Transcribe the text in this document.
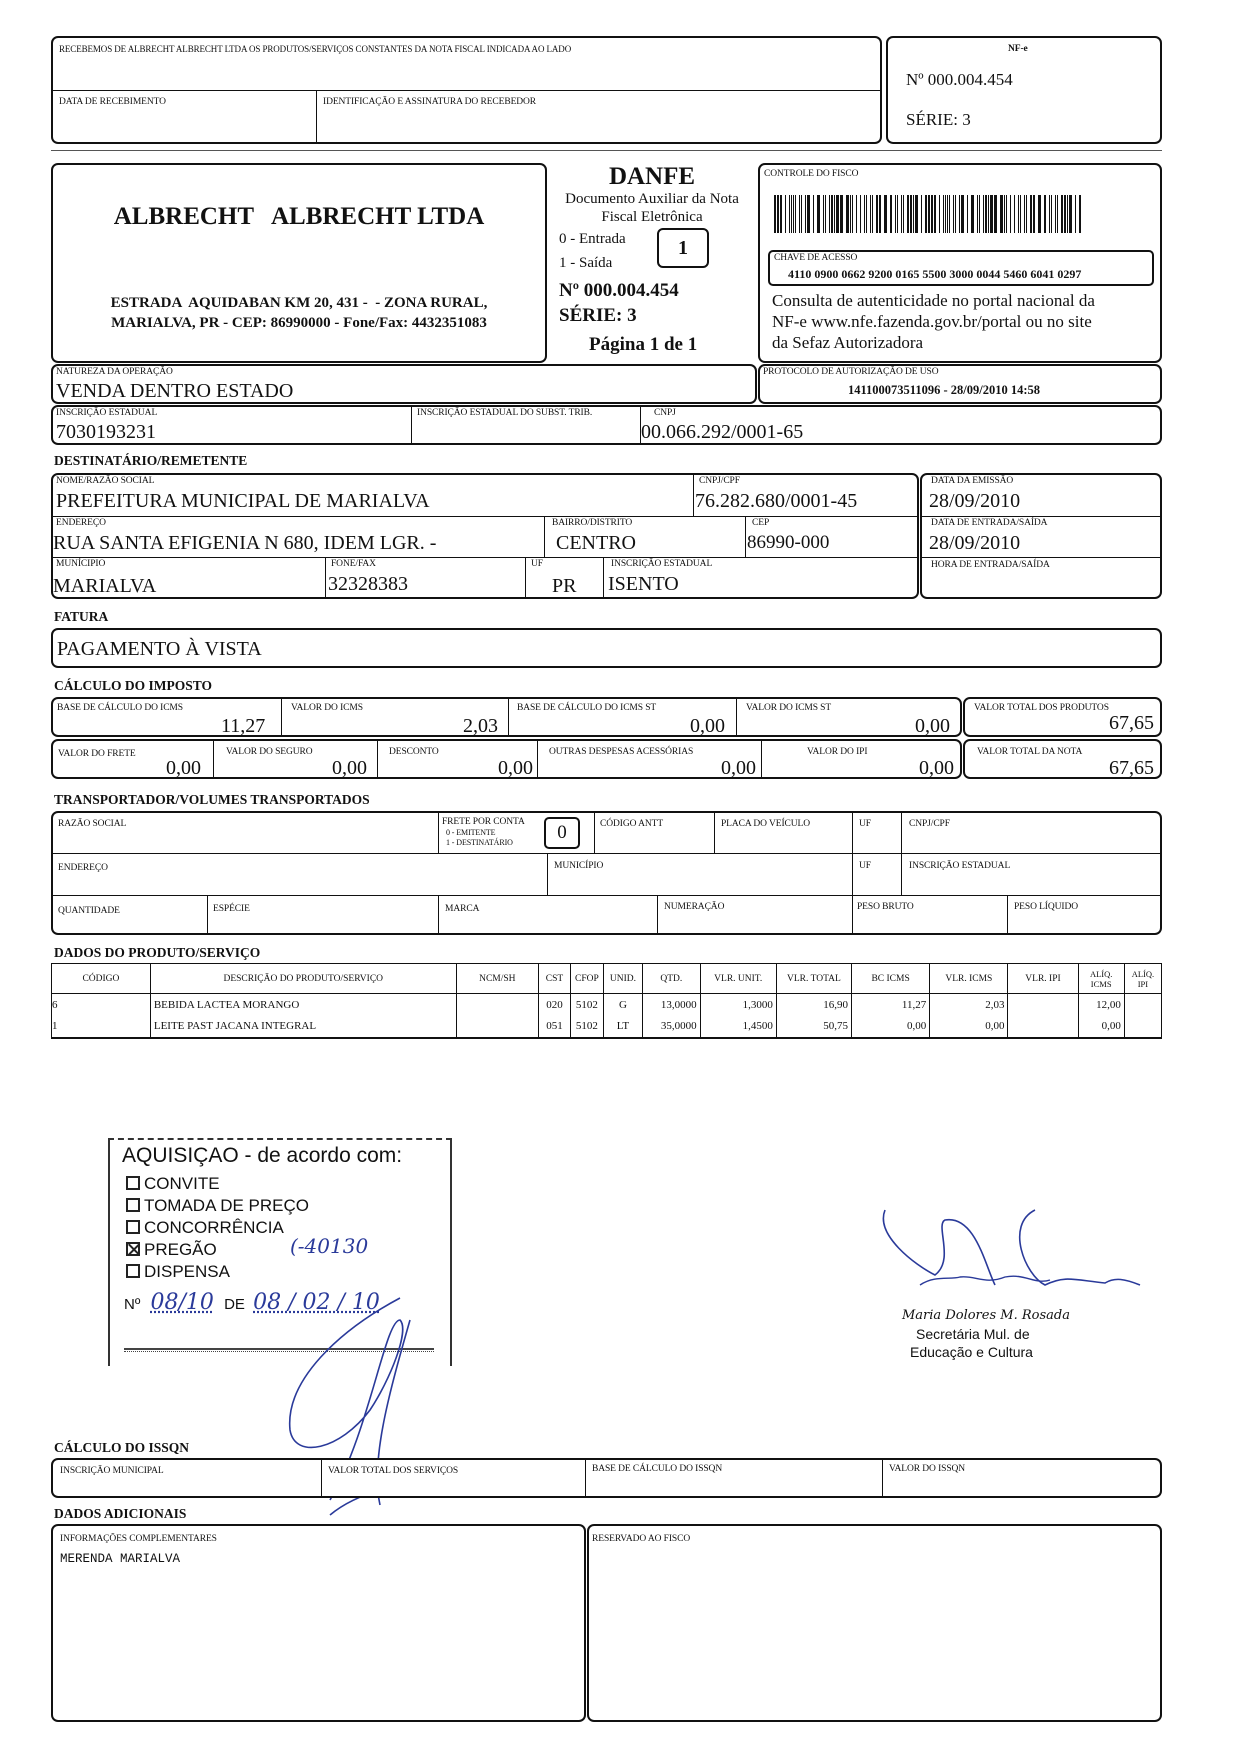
RECEBEMOS DE ALBRECHT ALBRECHT LTDA OS PRODUTOS/SERVIÇOS CONSTANTES DA NOTA FISCAL INDICADA AO LADO
DATA DE RECEBIMENTO	IDENTIFICAÇÃO E ASSINATURA DO RECEBEDOR
NF-e
Nº 000.004.454
SÉRIE: 3
ALBRECHT   ALBRECHT LTDA
ESTRADA  AQUIDABAN KM 20, 431 -  - ZONA RURAL,
MARIALVA, PR - CEP: 86990000 - Fone/Fax: 4432351083
DANFE
Documento Auxiliar da Nota
Fiscal Eletrônica
0 - Entrada
1 - Saída
1
Nº 000.004.454
SÉRIE: 3
Página 1 de 1
CONTROLE DO FISCO
CHAVE DE ACESSO
4110 0900 0662 9200 0165 5500 3000 0044 5460 6041 0297
Consulta de autenticidade no portal nacional da
NF-e www.nfe.fazenda.gov.br/portal ou no site
da Sefaz Autorizadora
NATUREZA DA OPERAÇÃO
VENDA DENTRO ESTADO
PROTOCOLO DE AUTORIZAÇÃO DE USO
141100073511096 - 28/09/2010 14:58
INSCRIÇÃO ESTADUAL
7030193231
INSCRIÇÃO ESTADUAL DO SUBST. TRIB.	CNPJ
00.066.292/0001-65
DESTINATÁRIO/REMETENTE
NOME/RAZÃO SOCIAL
PREFEITURA MUNICIPAL DE MARIALVA
CNPJ/CPF
76.282.680/0001-45
ENDEREÇO
RUA SANTA EFIGENIA N 680, IDEM LGR. -
BAIRRO/DISTRITO
CENTRO
CEP
86990-000
MUNÍCIPIO
MARIALVA
FONE/FAX
32328383
UF
PR
INSCRIÇÃO ESTADUAL
ISENTO
DATA DA EMISSÃO
28/09/2010
DATA DE ENTRADA/SAÍDA
28/09/2010
HORA DE ENTRADA/SAÍDA
FATURA
PAGAMENTO À VISTA
CÁLCULO DO IMPOSTO
BASE DE CÁLCULO DO ICMS
11,27
VALOR DO ICMS
2,03
BASE DE CÁLCULO DO ICMS ST
0,00
VALOR DO ICMS ST
0,00
VALOR TOTAL DOS PRODUTOS
67,65
VALOR DO FRETE
0,00
VALOR DO SEGURO
0,00
DESCONTO
0,00
OUTRAS DESPESAS ACESSÓRIAS
0,00
VALOR DO IPI
0,00
VALOR TOTAL DA NOTA
67,65
TRANSPORTADOR/VOLUMES TRANSPORTADOS
RAZÃO SOCIAL	FRETE POR CONTA
0 - EMITENTE
1 - DESTINATÁRIO	0	CÓDIGO ANTT	PLACA DO VEÍCULO	UF	CNPJ/CPF
ENDEREÇO	MUNICÍPIO	UF	INSCRIÇÃO ESTADUAL
QUANTIDADE	ESPÉCIE	MARCA	NUMERAÇÃO	PESO BRUTO	PESO LÍQUIDO
DADOS DO PRODUTO/SERVIÇO
CÓDIGO	DESCRIÇÃO DO PRODUTO/SERVIÇO	NCM/SH	CST	CFOP	UNID.	QTD.	VLR. UNIT.	VLR. TOTAL	BC ICMS	VLR. ICMS	VLR. IPI	ALÍQ. ICMS	ALÍQ. IPI
6	BEBIDA LACTEA MORANGO		020	5102	G	13,0000	1,3000	16,90	11,27	2,03		12,00	
1	LEITE PAST JACANA INTEGRAL		051	5102	LT	35,0000	1,4500	50,75	0,00	0,00		0,00	
AQUISIÇAO - de acordo com:
CONVITE
TOMADA DE PREÇO
CONCORRÊNCIA
PREGÃO	(-40130
DISPENSA
Nº 08/10 DE 08 / 02 / 10
Maria Dolores M. Rosada
Secretária Mul. de
Educação e Cultura
CÁLCULO DO ISSQN
INSCRIÇÃO MUNICIPAL	VALOR TOTAL DOS SERVIÇOS	BASE DE CÁLCULO DO ISSQN	VALOR DO ISSQN
DADOS ADICIONAIS
INFORMAÇÕES COMPLEMENTARES
MERENDA MARIALVA
RESERVADO AO FISCO
